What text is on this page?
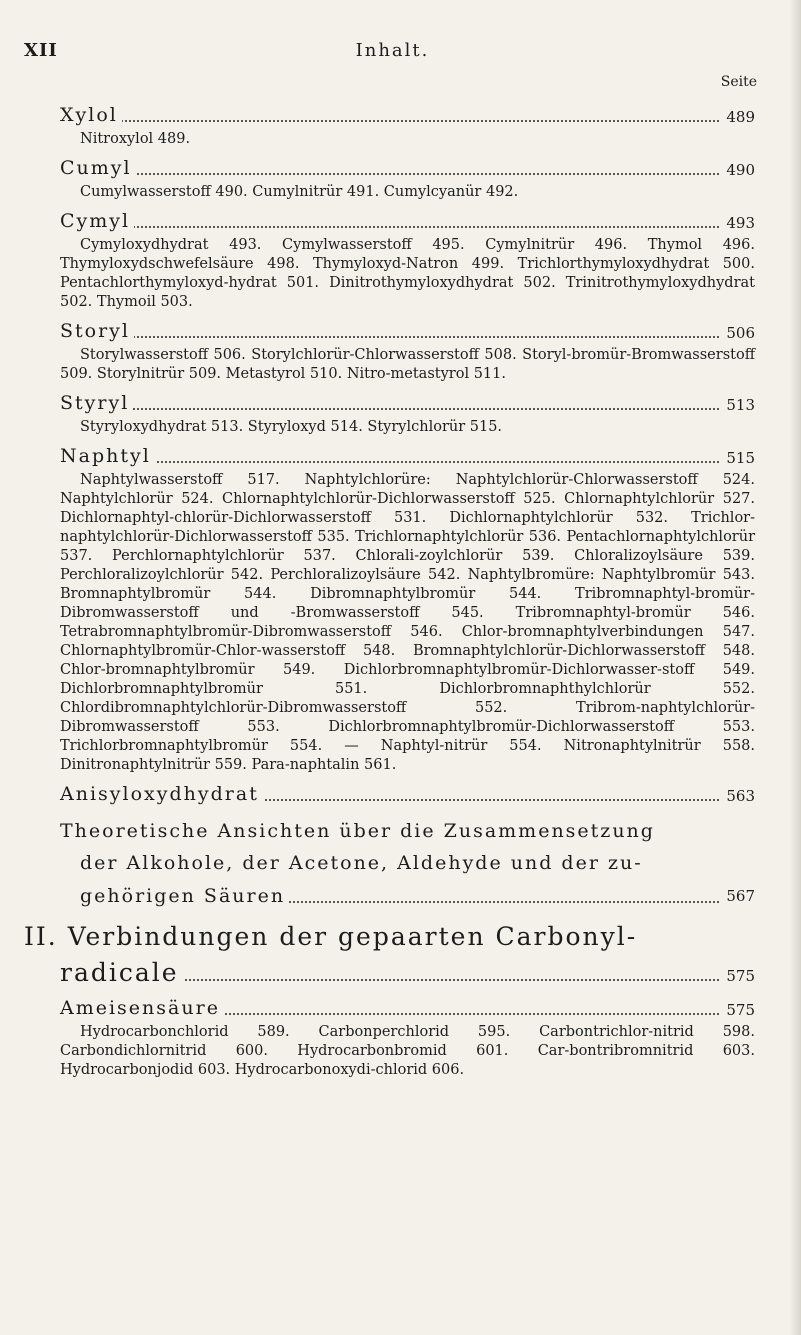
XII	Inhalt.
Seite
Xylol	489
Nitroxylol 489.
Cumyl	490
Cumylwasserstoff 490. Cumylnitrür 491. Cumylcyanür 492.
Cymyl	493
Cymyloxydhydrat 493. Cymylwasserstoff 495. Cymylnitrür 496. Thymol 496. Thymyloxydschwefelsäure 498. Thymyloxyd-Natron 499. Trichlorthymyloxydhydrat 500. Pentachlorthymyloxyd-hydrat 501. Dinitrothymyloxydhydrat 502. Trinitrothymyloxydhydrat 502. Thymoil 503.
Storyl	506
Storylwasserstoff 506. Storylchlorür-Chlorwasserstoff 508. Storyl-bromür-Bromwasserstoff 509. Storylnitrür 509. Metastyrol 510. Nitro-metastyrol 511.
Styryl	513
Styryloxydhydrat 513. Styryloxyd 514. Styrylchlorür 515.
Naphtyl	515
Naphtylwasserstoff 517. Naphtylchlorüre: Naphtylchlorür-Chlorwasserstoff 524. Naphtylchlorür 524. Chlornaphtylchlorür-Dichlorwasserstoff 525. Chlornaphtylchlorür 527. Dichlornaphtyl-chlorür-Dichlorwasserstoff 531. Dichlornaphtylchlorür 532. Trichlor-naphtylchlorür-Dichlorwasserstoff 535. Trichlornaphtylchlorür 536. Pentachlornaphtylchlorür 537. Perchlornaphtylchlorür 537. Chlorali-zoylchlorür 539. Chloralizoylsäure 539. Perchloralizoylchlorür 542. Perchloralizoylsäure 542. Naphtylbromüre: Naphtylbromür 543. Bromnaphtylbromür 544. Dibromnaphtylbromür 544. Tribromnaphtyl-bromür-Dibromwasserstoff und -Bromwasserstoff 545. Tribromnaphtyl-bromür 546. Tetrabromnaphtylbromür-Dibromwasserstoff 546. Chlor-bromnaphtylverbindungen 547. Chlornaphtylbromür-Chlor-wasserstoff 548. Bromnaphtylchlorür-Dichlorwasserstoff 548. Chlor-bromnaphtylbromür 549. Dichlorbromnaphtylbromür-Dichlorwasser-stoff 549. Dichlorbromnaphtylbromür 551. Dichlorbromnaphthylchlorür 552. Chlordibromnaphtylchlorür-Dibromwasserstoff 552. Tribrom-naphtylchlorür-Dibromwasserstoff 553. Dichlorbromnaphtylbromür-Dichlorwasserstoff 553. Trichlorbromnaphtylbromür 554. — Naphtyl-nitrür 554. Nitronaphtylnitrür 558. Dinitronaphtylnitrür 559. Para-naphtalin 561.
Anisyloxydhydrat	563
Theoretische Ansichten über die Zusammensetzung
der Alkohole, der Acetone, Aldehyde und der zu-
gehörigen Säuren	567
II. Verbindungen der gepaarten Carbonyl-
radicale	575
Ameisensäure	575
Hydrocarbonchlorid 589. Carbonperchlorid 595. Carbontrichlor-nitrid 598. Carbondichlornitrid 600. Hydrocarbonbromid 601. Car-bontribromnitrid 603. Hydrocarbonjodid 603. Hydrocarbonoxydi-chlorid 606.
